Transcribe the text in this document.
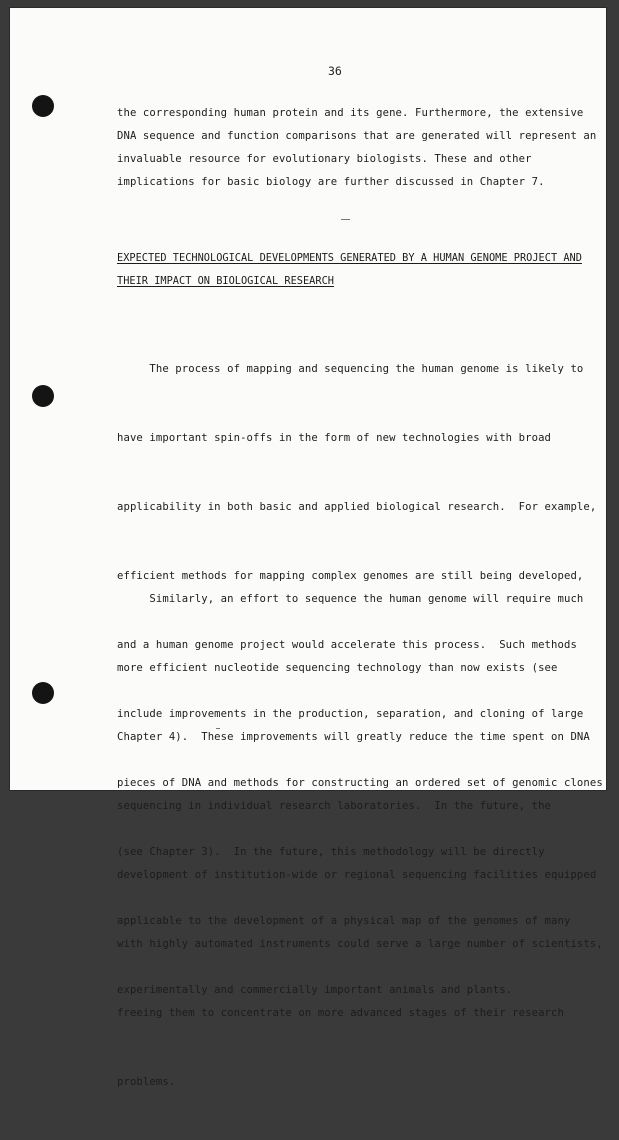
36
the corresponding human protein and its gene. Furthermore, the extensive
DNA sequence and function comparisons that are generated will represent an
invaluable resource for evolutionary biologists. These and other
implications for basic biology are further discussed in Chapter 7.
EXPECTED TECHNOLOGICAL DEVELOPMENTS GENERATED BY A HUMAN GENOME PROJECT AND
THEIR IMPACT ON BIOLOGICAL RESEARCH

The process of mapping and sequencing the human genome is likely to

have important spin-offs in the form of new technologies with broad

applicability in both basic and applied biological research.  For example,

efficient methods for mapping complex genomes are still being developed,

and a human genome project would accelerate this process.  Such methods

include improvements in the production, separation, and cloning of large

pieces of DNA and methods for constructing an ordered set of genomic clones

(see Chapter 3).  In the future, this methodology will be directly

applicable to the development of a physical map of the genomes of many

experimentally and commercially important animals and plants.

Similarly, an effort to sequence the human genome will require much

more efficient nucleotide sequencing technology than now exists (see

Chapter 4).  These improvements will greatly reduce the time spent on DNA

sequencing in individual research laboratories.  In the future, the

development of institution-wide or regional sequencing facilities equipped

with highly automated instruments could serve a large number of scientists,

freeing them to concentrate on more advanced stages of their research

problems.
